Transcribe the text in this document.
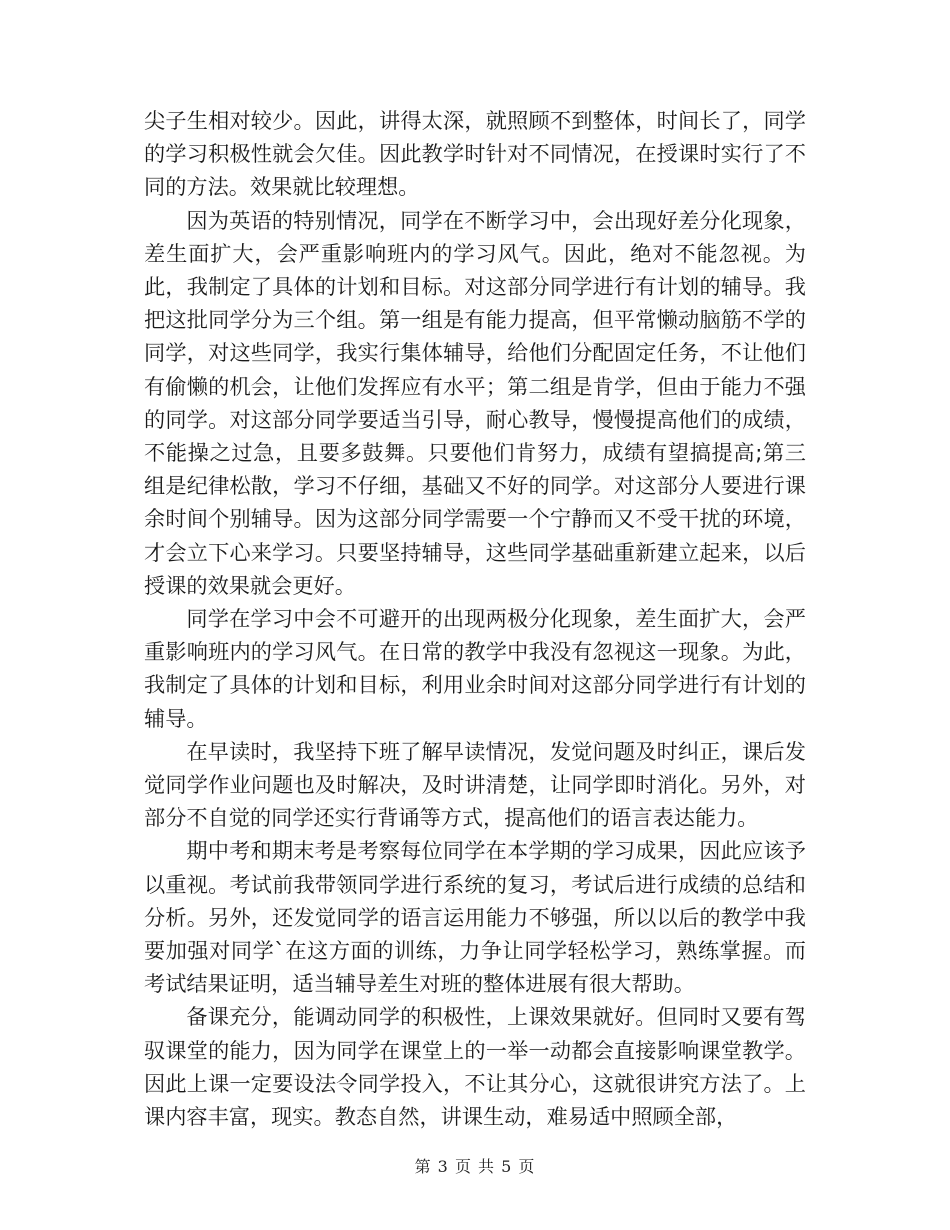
尖子生相对较少。因此，讲得太深，就照顾不到整体，时间长了，同学的学习积极性就会欠佳。因此教学时针对不同情况，在授课时实行了不同的方法。效果就比较理想。

因为英语的特别情况，同学在不断学习中，会出现好差分化现象，差生面扩大，会严重影响班内的学习风气。因此，绝对不能忽视。为此，我制定了具体的计划和目标。对这部分同学进行有计划的辅导。我把这批同学分为三个组。第一组是有能力提高，但平常懒动脑筋不学的同学，对这些同学，我实行集体辅导，给他们分配固定任务，不让他们有偷懒的机会，让他们发挥应有水平；第二组是肯学，但由于能力不强的同学。对这部分同学要适当引导，耐心教导，慢慢提高他们的成绩，不能操之过急，且要多鼓舞。只要他们肯努力，成绩有望搞提高;第三组是纪律松散，学习不仔细，基础又不好的同学。对这部分人要进行课余时间个别辅导。因为这部分同学需要一个宁静而又不受干扰的环境，才会立下心来学习。只要坚持辅导，这些同学基础重新建立起来，以后授课的效果就会更好。

同学在学习中会不可避开的出现两极分化现象，差生面扩大，会严重影响班内的学习风气。在日常的教学中我没有忽视这一现象。为此，我制定了具体的计划和目标，利用业余时间对这部分同学进行有计划的辅导。

在早读时，我坚持下班了解早读情况，发觉问题及时纠正，课后发觉同学作业问题也及时解决，及时讲清楚，让同学即时消化。另外，对部分不自觉的同学还实行背诵等方式，提高他们的语言表达能力。

期中考和期末考是考察每位同学在本学期的学习成果，因此应该予以重视。考试前我带领同学进行系统的复习，考试后进行成绩的总结和分析。另外，还发觉同学的语言运用能力不够强，所以以后的教学中我要加强对同学`在这方面的训练，力争让同学轻松学习，熟练掌握。而考试结果证明，适当辅导差生对班的整体进展有很大帮助。

备课充分，能调动同学的积极性，上课效果就好。但同时又要有驾驭课堂的能力，因为同学在课堂上的一举一动都会直接影响课堂教学。因此上课一定要设法令同学投入，不让其分心，这就很讲究方法了。上课内容丰富，现实。教态自然，讲课生动，难易适中照顾全部，

第 3 页 共 5 页
